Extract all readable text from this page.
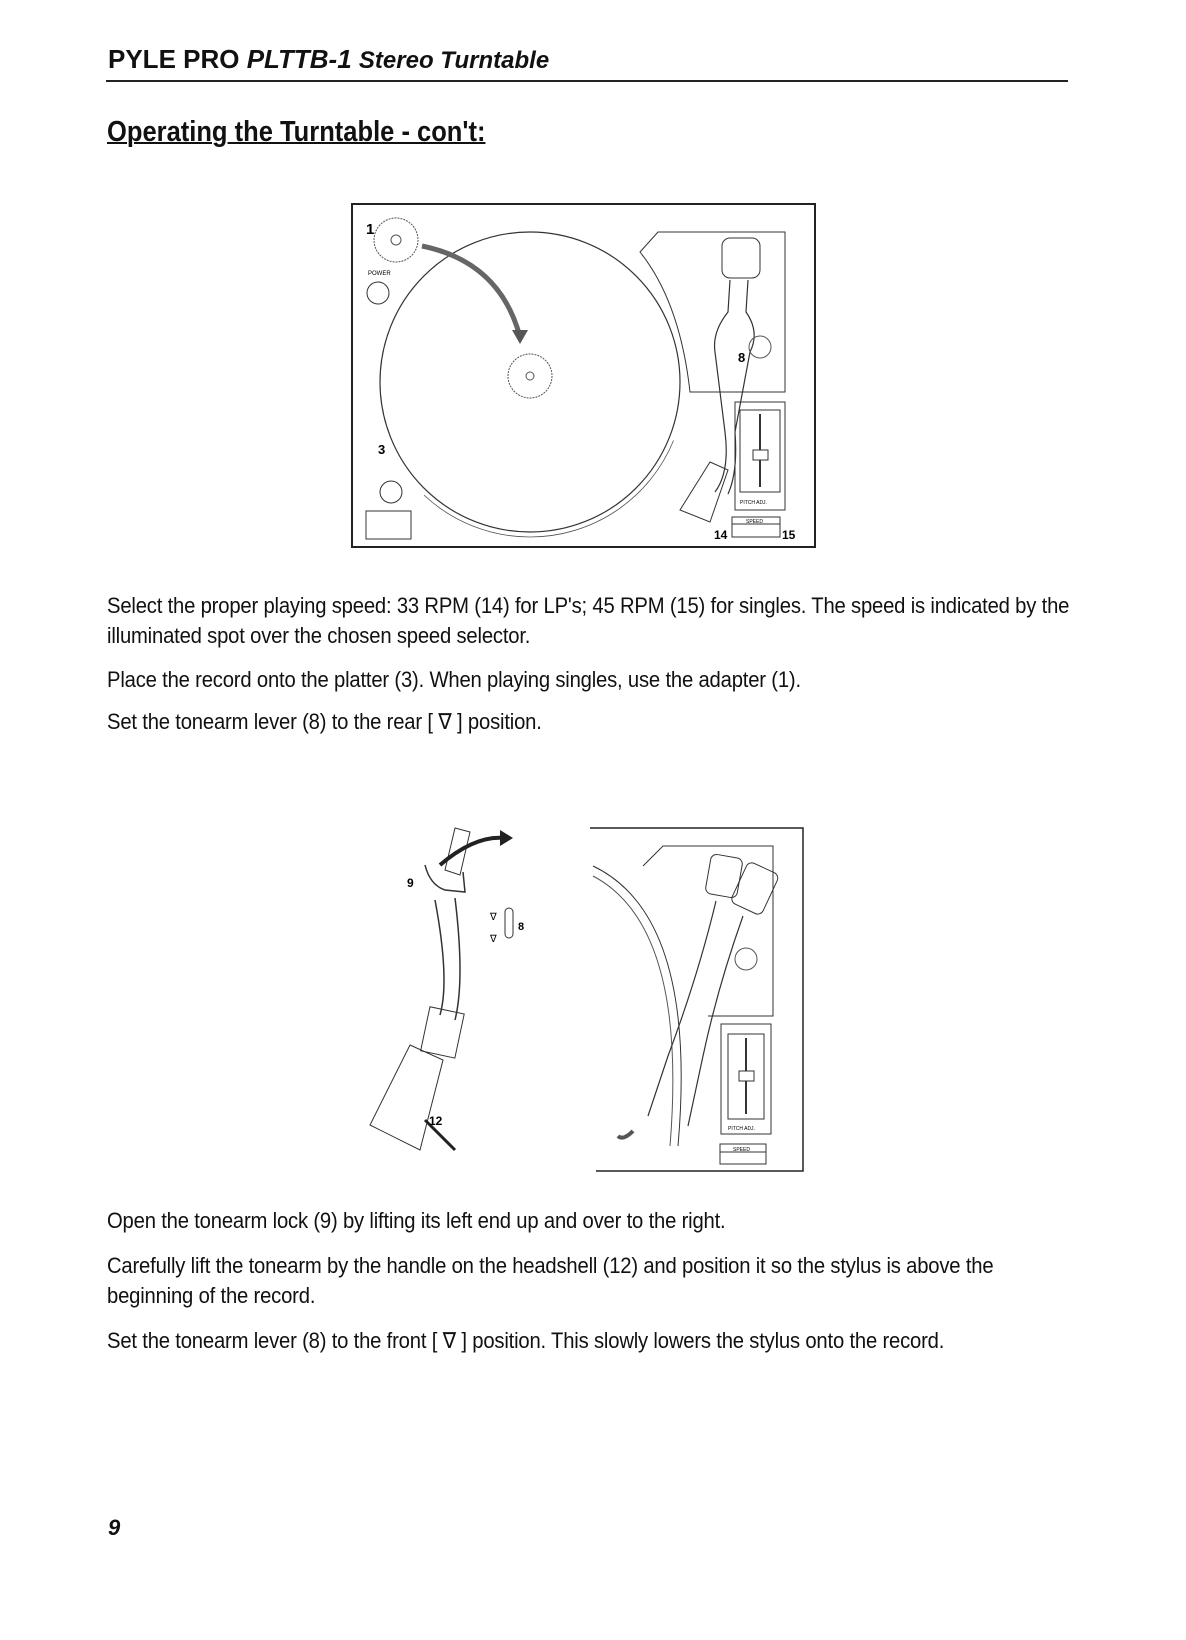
PYLE PRO PLTTB-1 Stereo Turntable
Operating the Turntable - con't:
1
POWER
3
8
PITCH ADJ.
SPEED
14	15
Select the proper playing speed: 33 RPM (14) for LP's; 45 RPM (15) for singles. The speed is indicated by the illuminated spot over the chosen speed selector.
Place the record onto the platter (3). When playing singles, use the adapter (1).
Set the tonearm lever (8) to the rear [ ∇ ] position.
9
12
∇
∇
8
PITCH ADJ.
SPEED
Open the tonearm lock (9) by lifting its left end up and over to the right.
Carefully lift the tonearm by the handle on the headshell (12) and position it so the stylus is above the beginning of the record.
Set the tonearm lever (8) to the front [ ∇ ] position. This slowly lowers the stylus onto the record.
9
